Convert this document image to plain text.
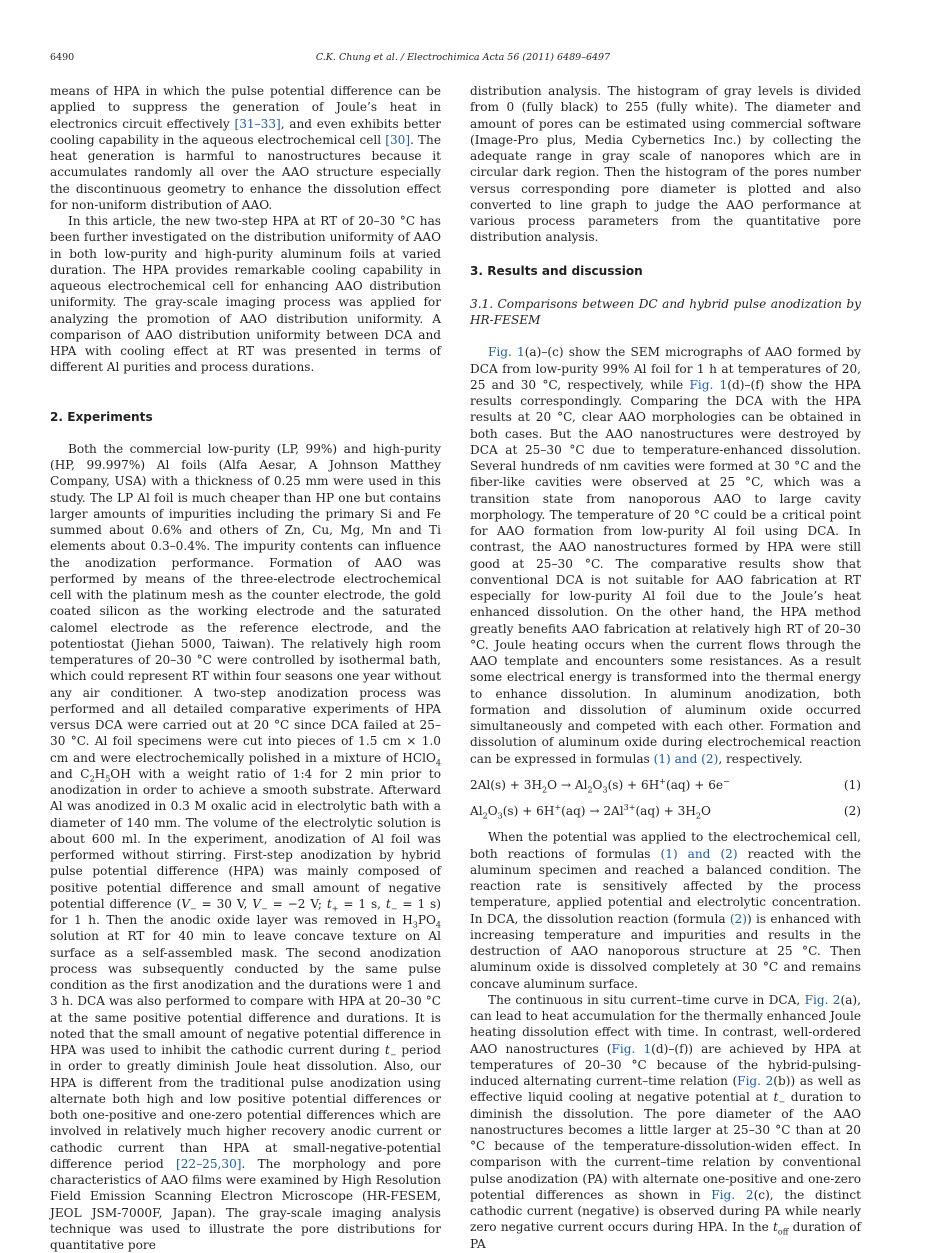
6490	C.K. Chung et al. / Electrochimica Acta 56 (2011) 6489–6497

means of HPA in which the pulse potential difference can be applied to suppress the generation of Joule’s heat in electronics circuit effectively [31–33], and even exhibits better cooling capability in the aqueous electrochemical cell [30]. The heat generation is harmful to nanostructures because it accumulates randomly all over the AAO structure especially the discontinuous geometry to enhance the dissolution effect for non-uniform distribution of AAO.

In this article, the new two-step HPA at RT of 20–30 °C has been further investigated on the distribution uniformity of AAO in both low-purity and high-purity aluminum foils at varied duration. The HPA provides remarkable cooling capability in aqueous electrochemical cell for enhancing AAO distribution uniformity. The gray-scale imaging process was applied for analyzing the promotion of AAO distribution uniformity. A comparison of AAO distribution uniformity between DCA and HPA with cooling effect at RT was presented in terms of different Al purities and process durations.

2. Experiments

Both the commercial low-purity (LP, 99%) and high-purity (HP, 99.997%) Al foils (Alfa Aesar, A Johnson Matthey Company, USA) with a thickness of 0.25 mm were used in this study. The LP Al foil is much cheaper than HP one but contains larger amounts of impurities including the primary Si and Fe summed about 0.6% and others of Zn, Cu, Mg, Mn and Ti elements about 0.3–0.4%. The impurity contents can influence the anodization performance. Formation of AAO was performed by means of the three-electrode electrochemical cell with the platinum mesh as the counter electrode, the gold coated silicon as the working electrode and the saturated calomel electrode as the reference electrode, and the potentiostat (Jiehan 5000, Taiwan). The relatively high room temperatures of 20–30 °C were controlled by isothermal bath, which could represent RT within four seasons one year without any air conditioner. A two-step anodization process was performed and all detailed comparative experiments of HPA versus DCA were carried out at 20 °C since DCA failed at 25–30 °C. Al foil specimens were cut into pieces of 1.5 cm × 1.0 cm and were electrochemically polished in a mixture of HClO$_4$ and $C_2H_5OH$ with a weight ratio of 1:4 for 2 min prior to anodization in order to achieve a smooth substrate. Afterward Al was anodized in 0.3 M oxalic acid in electrolytic bath with a diameter of 140 mm. The volume of the electrolytic solution is about 600 ml. In the experiment, anodization of Al foil was performed without stirring. First-step anodization by hybrid pulse potential difference (HPA) was mainly composed of positive potential difference and small amount of negative potential difference ($V_- = 30$ V, $V_- = -2$ V; $t_+ = 1$ s, $t_- = 1$ s) for 1 h. Then the anodic oxide layer was removed in $H_3PO_4$ solution at RT for 40 min to leave concave texture on Al surface as a self-assembled mask. The second anodization process was subsequently conducted by the same pulse condition as the first anodization and the durations were 1 and 3 h. DCA was also performed to compare with HPA at 20–30 °C at the same positive potential difference and durations. It is noted that the small amount of negative potential difference in HPA was used to inhibit the cathodic current during $t_-$ period in order to greatly diminish Joule heat dissolution. Also, our HPA is different from the traditional pulse anodization using alternate both high and low positive potential differences or both one-positive and one-zero potential differences which are involved in relatively much higher recovery anodic current or cathodic current than HPA at small-negative-potential difference period [22–25,30]. The morphology and pore characteristics of AAO films were examined by High Resolution Field Emission Scanning Electron Microscope (HR-FESEM, JEOL JSM-7000F, Japan). The gray-scale imaging analysis technique was used to illustrate the pore distributions for quantitative pore

distribution analysis. The histogram of gray levels is divided from 0 (fully black) to 255 (fully white). The diameter and amount of pores can be estimated using commercial software (Image-Pro plus, Media Cybernetics Inc.) by collecting the adequate range in gray scale of nanopores which are in circular dark region. Then the histogram of the pores number versus corresponding pore diameter is plotted and also converted to line graph to judge the AAO performance at various process parameters from the quantitative pore distribution analysis.

3. Results and discussion

3.1. Comparisons between DC and hybrid pulse anodization by HR-FESEM

Fig. 1(a)–(c) show the SEM micrographs of AAO formed by DCA from low-purity 99% Al foil for 1 h at temperatures of 20, 25 and 30 °C, respectively, while Fig. 1(d)–(f) show the HPA results correspondingly. Comparing the DCA with the HPA results at 20 °C, clear AAO morphologies can be obtained in both cases. But the AAO nanostructures were destroyed by DCA at 25–30 °C due to temperature-enhanced dissolution. Several hundreds of nm cavities were formed at 30 °C and the fiber-like cavities were observed at 25 °C, which was a transition state from nanoporous AAO to large cavity morphology. The temperature of 20 °C could be a critical point for AAO formation from low-purity Al foil using DCA. In contrast, the AAO nanostructures formed by HPA were still good at 25–30 °C. The comparative results show that conventional DCA is not suitable for AAO fabrication at RT especially for low-purity Al foil due to the Joule’s heat enhanced dissolution. On the other hand, the HPA method greatly benefits AAO fabrication at relatively high RT of 20–30 °C. Joule heating occurs when the current flows through the AAO template and encounters some resistances. As a result some electrical energy is transformed into the thermal energy to enhance dissolution. In aluminum anodization, both formation and dissolution of aluminum oxide occurred simultaneously and competed with each other. Formation and dissolution of aluminum oxide during electrochemical reaction can be expressed in formulas (1) and (2), respectively.

$2Al(s) + 3H_2O \to Al_2O_3(s) + 6H^+(aq) + 6e^-$	(1)

$Al_2O_3(s) + 6H^+(aq) \to 2Al^{3+}(aq) + 3H_2O$	(2)

When the potential was applied to the electrochemical cell, both reactions of formulas (1) and (2) reacted with the aluminum specimen and reached a balanced condition. The reaction rate is sensitively affected by the process temperature, applied potential and electrolytic concentration. In DCA, the dissolution reaction (formula (2)) is enhanced with increasing temperature and impurities and results in the destruction of AAO nanoporous structure at 25 °C. Then aluminum oxide is dissolved completely at 30 °C and remains concave aluminum surface.

The continuous in situ current–time curve in DCA, Fig. 2(a), can lead to heat accumulation for the thermally enhanced Joule heating dissolution effect with time. In contrast, well-ordered AAO nanostructures (Fig. 1(d)–(f)) are achieved by HPA at temperatures of 20–30 °C because of the hybrid-pulsing-induced alternating current–time relation (Fig. 2(b)) as well as effective liquid cooling at negative potential at $t_-$ duration to diminish the dissolution. The pore diameter of the AAO nanostructures becomes a little larger at 25–30 °C than at 20 °C because of the temperature-dissolution-widen effect. In comparison with the current–time relation by conventional pulse anodization (PA) with alternate one-positive and one-zero potential differences as shown in Fig. 2(c), the distinct cathodic current (negative) is observed during PA while nearly zero negative current occurs during HPA. In the $t_{off}$ duration of PA
